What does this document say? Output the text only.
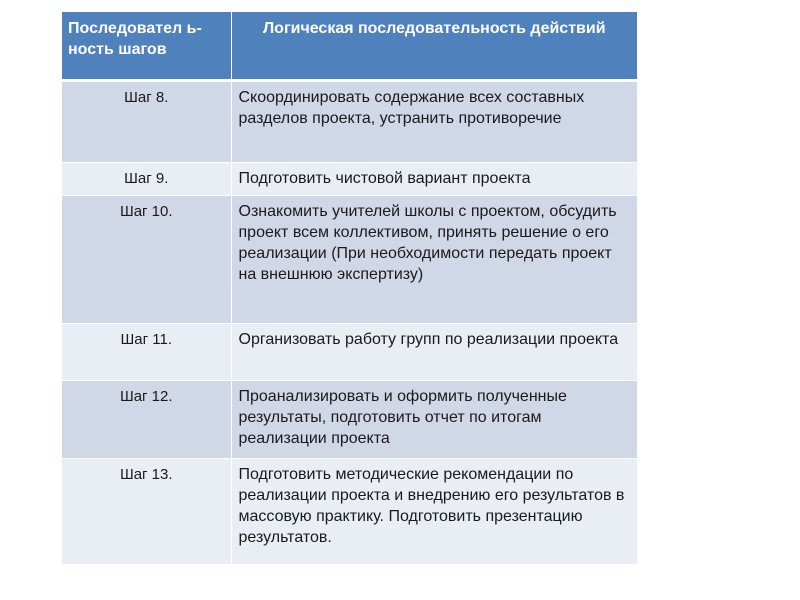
Последовател ь-ность шагов	Логическая последовательность действий
Шаг 8.	Скоординировать содержание всех составных разделов проекта, устранить противоречие
Шаг 9.	Подготовить чистовой вариант проекта
Шаг 10.	Ознакомить учителей школы с проектом, обсудить проект всем коллективом, принять решение о его реализации (При необходимости передать проект на внешнюю экспертизу)
Шаг 11.	Организовать работу групп по реализации проекта
Шаг 12.	Проанализировать и оформить полученные результаты, подготовить отчет по итогам реализации проекта
Шаг 13.	Подготовить методические рекомендации по реализации проекта и внедрению его результатов в массовую практику. Подготовить презентацию результатов.
